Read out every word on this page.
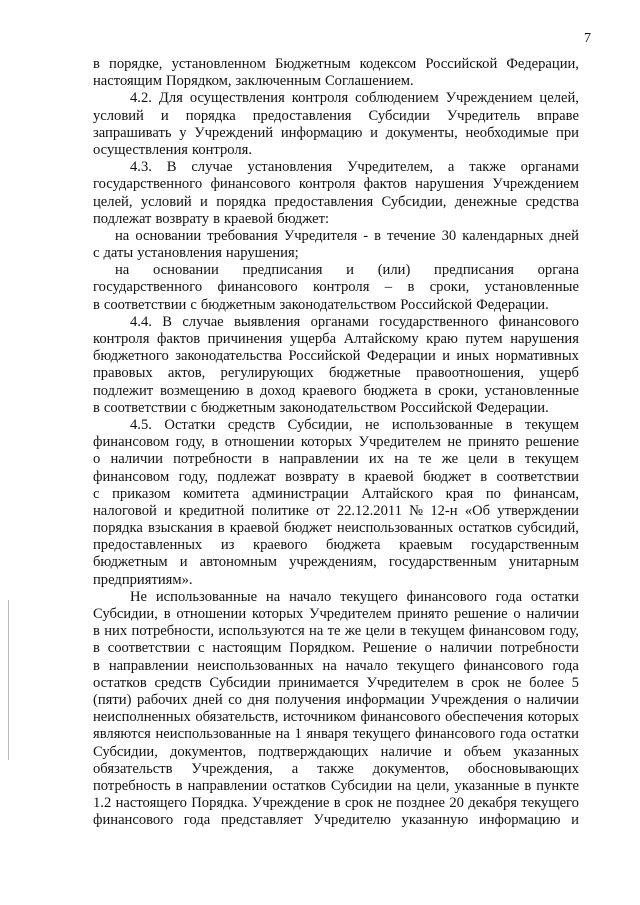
7
в порядке, установленном Бюджетным кодексом Российской Федерации,
настоящим Порядком, заключенным Соглашением.
4.2. Для осуществления контроля соблюдением Учреждением целей,
условий и порядка предоставления Субсидии Учредитель вправе
запрашивать у Учреждений информацию и документы, необходимые при
осуществления контроля.
4.3. В случае установления Учредителем, а также органами
государственного финансового контроля фактов нарушения Учреждением
целей, условий и порядка предоставления Субсидии, денежные средства
подлежат возврату в краевой бюджет:
на основании требования Учредителя - в течение 30 календарных дней
с даты установления нарушения;
на основании предписания и (или) предписания органа
государственного финансового контроля – в сроки, установленные
в соответствии с бюджетным законодательством Российской Федерации.
4.4. В случае выявления органами государственного финансового
контроля фактов причинения ущерба Алтайскому краю путем нарушения
бюджетного законодательства Российской Федерации и иных нормативных
правовых актов, регулирующих бюджетные правоотношения, ущерб
подлежит возмещению в доход краевого бюджета в сроки, установленные
в соответствии с бюджетным законодательством Российской Федерации.
4.5. Остатки средств Субсидии, не использованные в текущем
финансовом году, в отношении которых Учредителем не принято решение
о наличии потребности в направлении их на те же цели в текущем
финансовом году, подлежат возврату в краевой бюджет в соответствии
с приказом комитета администрации Алтайского края по финансам,
налоговой и кредитной политике от 22.12.2011 № 12-н «Об утверждении
порядка взыскания в краевой бюджет неиспользованных остатков субсидий,
предоставленных из краевого бюджета краевым государственным
бюджетным и автономным учреждениям, государственным унитарным
предприятиям».
Не использованные на начало текущего финансового года остатки
Субсидии, в отношении которых Учредителем принято решение о наличии
в них потребности, используются на те же цели в текущем финансовом году,
в соответствии с настоящим Порядком. Решение о наличии потребности
в направлении неиспользованных на начало текущего финансового года
остатков средств Субсидии принимается Учредителем в срок не более 5
(пяти) рабочих дней со дня получения информации Учреждения о наличии
неисполненных обязательств, источником финансового обеспечения которых
являются неиспользованные на 1 января текущего финансового года остатки
Субсидии, документов, подтверждающих наличие и объем указанных
обязательств Учреждения, а также документов, обосновывающих
потребность в направлении остатков Субсидии на цели, указанные в пункте
1.2 настоящего Порядка. Учреждение в срок не позднее 20 декабря текущего
финансового года представляет Учредителю указанную информацию и
